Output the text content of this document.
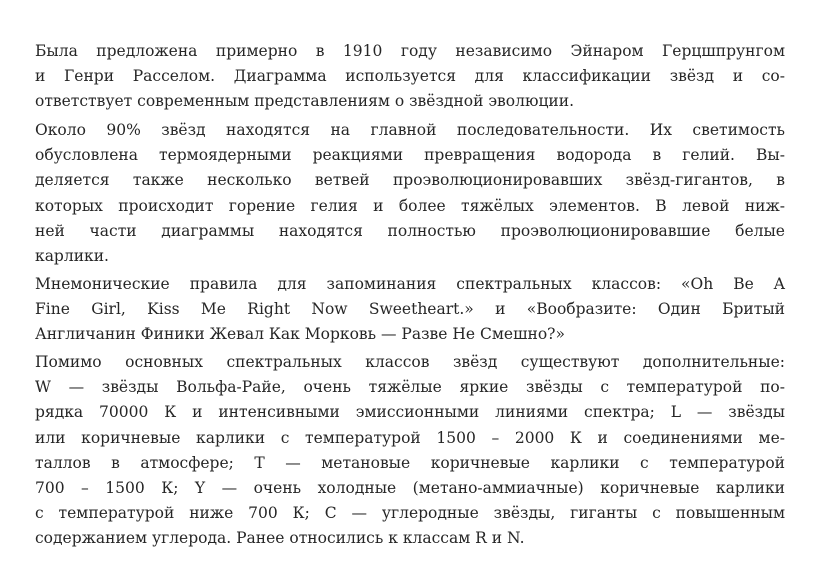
Была предложена примерно в 1910 году независимо Эйнаром Герцшпрунгом
и Генри Расселом. Диаграмма используется для классификации звёзд и со-
ответствует современным представлениям о звёздной эволюции.
Около 90% звёзд находятся на главной последовательности. Их светимость
обусловлена термоядерными реакциями превращения водорода в гелий. Вы-
деляется также несколько ветвей проэволюционировавших звёзд-гигантов, в
которых происходит горение гелия и более тяжёлых элементов. В левой ниж-
ней части диаграммы находятся полностью проэволюционировавшие белые
карлики.
Мнемонические правила для запоминания спектральных классов: «Oh Be A
Fine Girl, Kiss Me Right Now Sweetheart.» и «Вообразите: Один Бритый
Англичанин Финики Жевал Как Морковь — Разве Не Смешно?»
Помимо основных спектральных классов звёзд существуют дополнительные:
W — звёзды Вольфа-Райе, очень тяжёлые яркие звёзды с температурой по-
рядка 70000 К и интенсивными эмиссионными линиями спектра; L — звёзды
или коричневые карлики с температурой 1500 – 2000 К и соединениями ме-
таллов в атмосфере; T — метановые коричневые карлики с температурой
700 – 1500 К; Y — очень холодные (метано-аммиачные) коричневые карлики
с температурой ниже 700 К; C — углеродные звёзды, гиганты с повышенным
содержанием углерода. Ранее относились к классам R и N.
